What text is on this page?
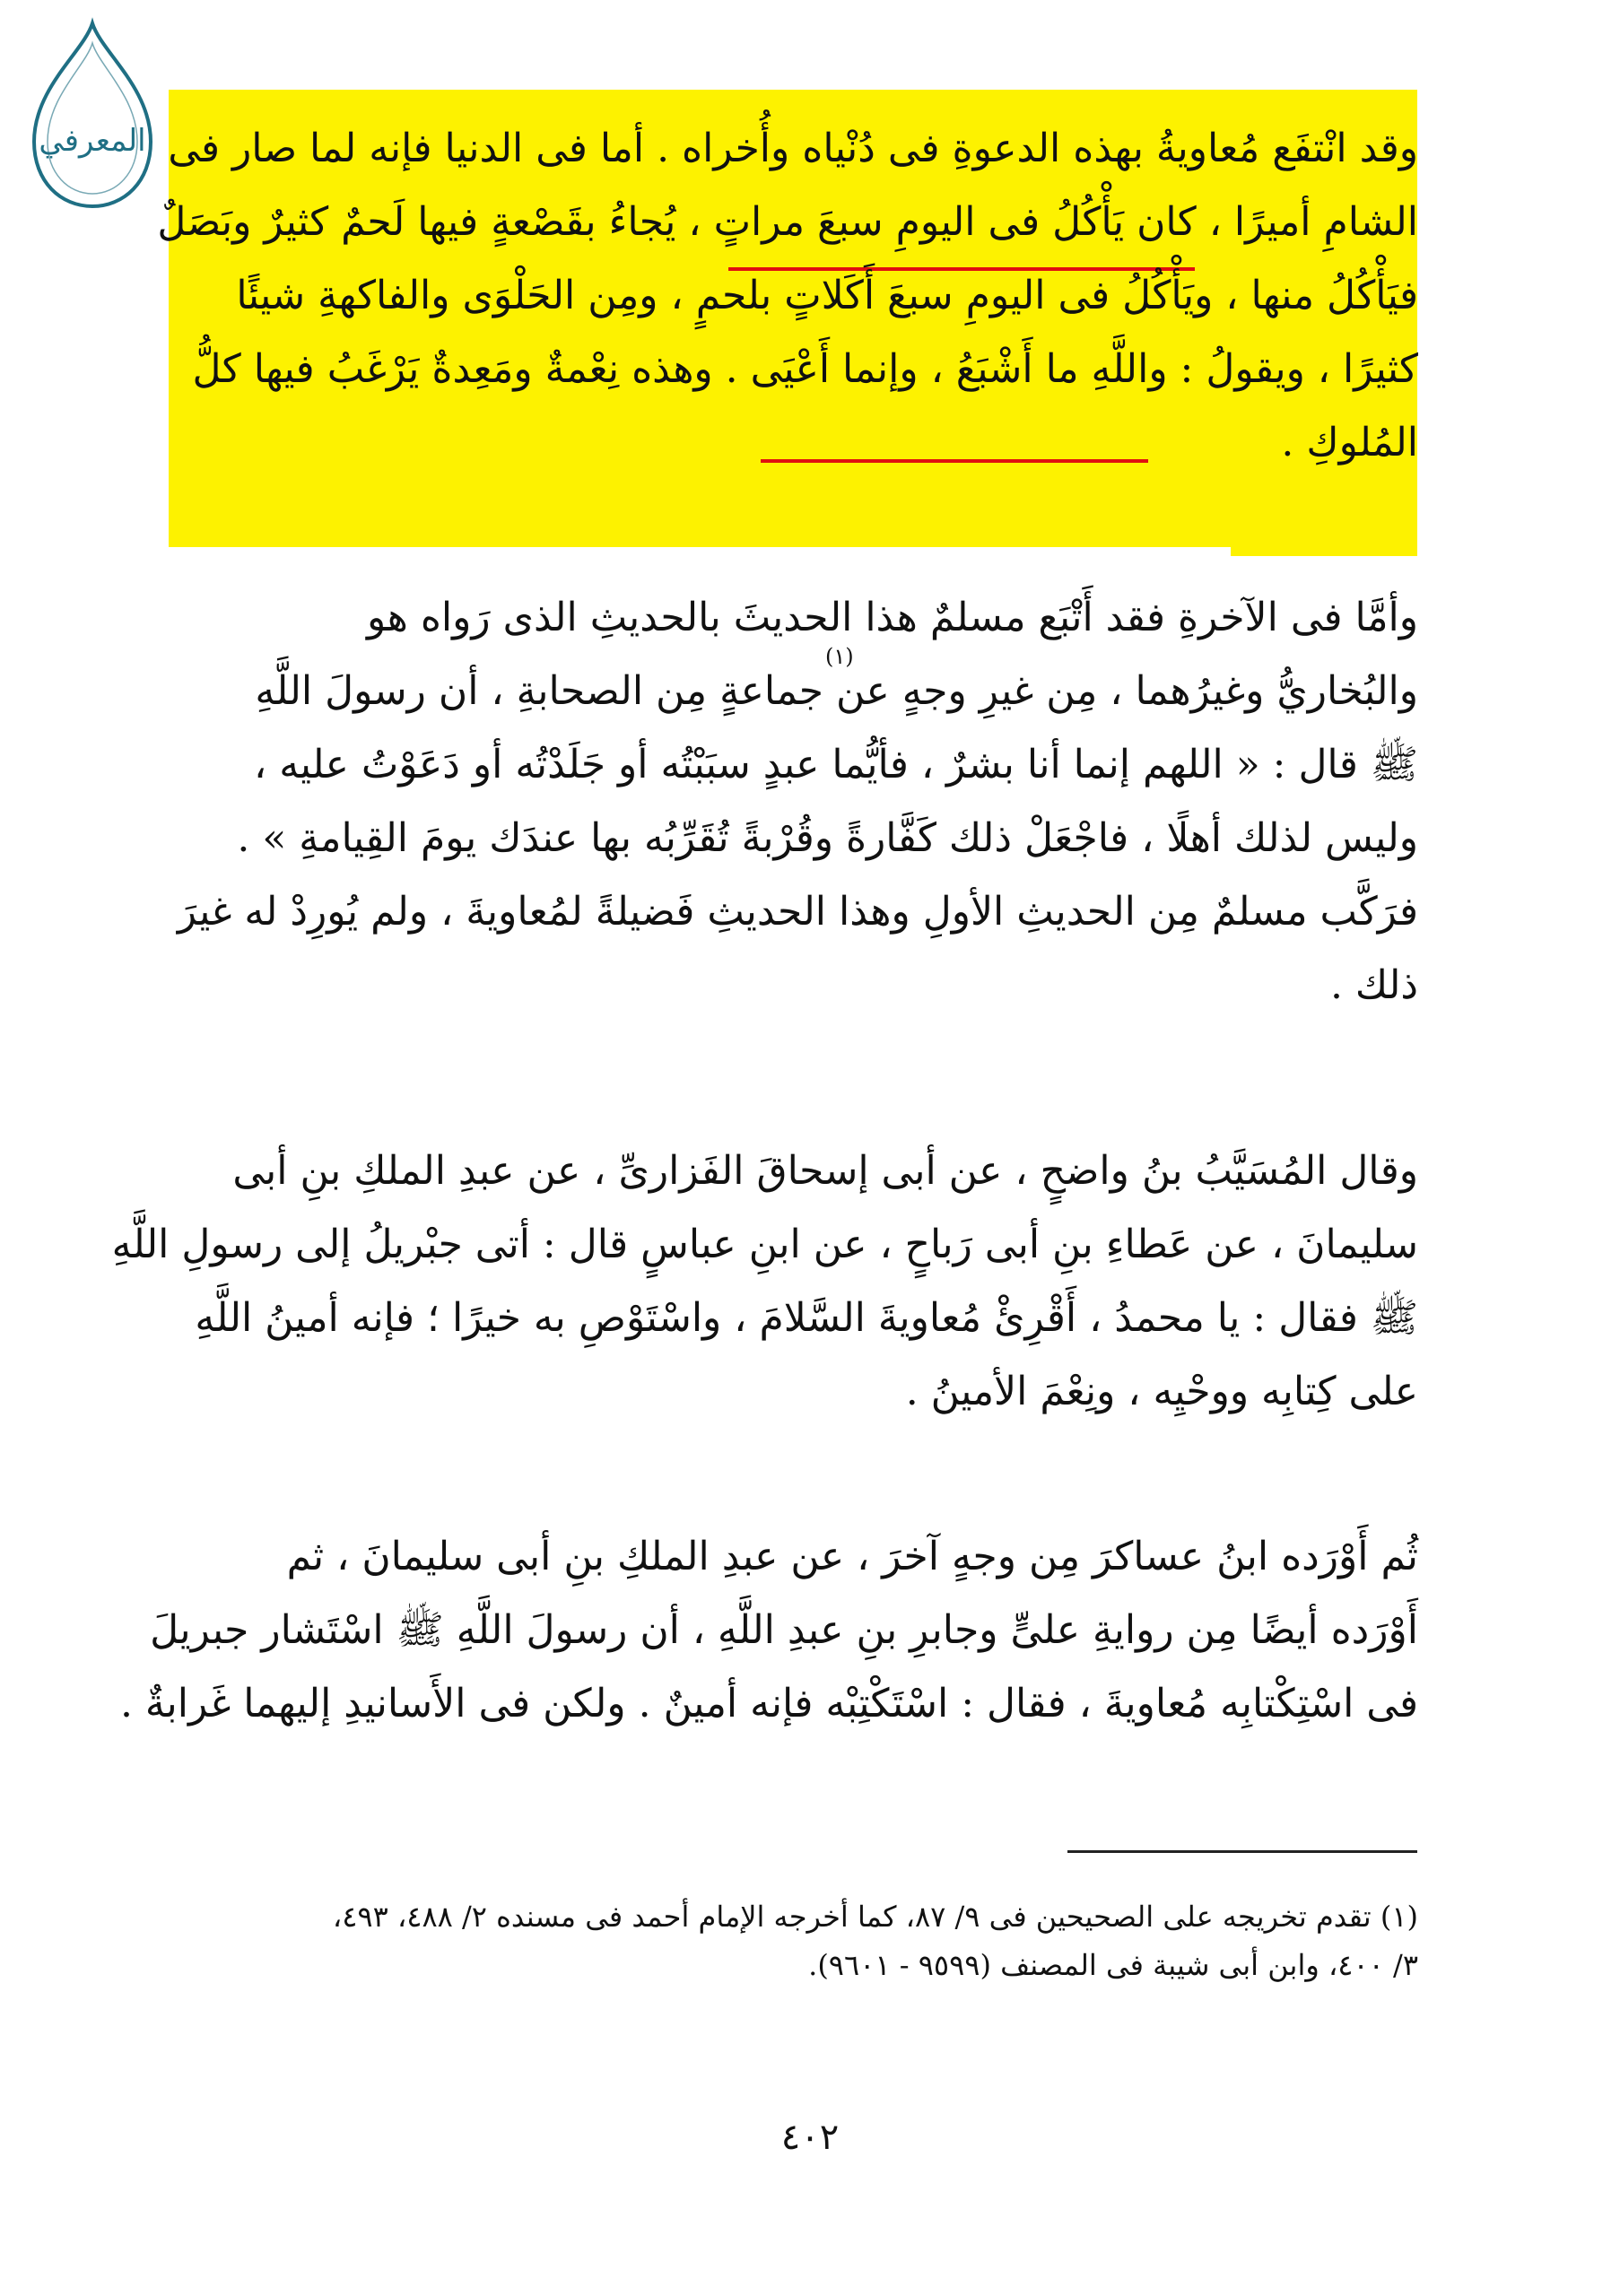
المعرفي وقد انْتفَع مُعاويةُ بهذه الدعوةِ فى دُنْياه وأُخراه . أما فى الدنيا فإنه لما صار فى
الشامِ أميرًا ، كان يَأْكُلُ فى اليومِ سبعَ مراتٍ ، يُجاءُ بقَصْعةٍ فيها لَحمٌ كثيرٌ وبَصَلٌ
فيَأْكُلُ منها ، ويَأْكُلُ فى اليومِ سبعَ أَكَلاتٍ بلحمٍ ، ومِن الحَلْوَى والفاكهةِ شيئًا
كثيرًا ، ويقولُ : واللَّهِ ما أَشْبَعُ ، وإنما أَعْيَى . وهذه نِعْمةٌ ومَعِدةٌ يَرْغَبُ فيها كلُّ
المُلوكِ .
وأمَّا فى الآخرةِ فقد أَتْبَع مسلمٌ هذا الحديثَ بالحديثِ الذى رَواه هو
والبُخاريُّ وغيرُهما ، مِن غيرِ وجهٍ عن جماعةٍ مِن الصحابةِ ، أن رسولَ اللَّهِ
ﷺ قال : « اللهم إنما أنا بشرٌ ، فأيُّما عبدٍ سبَبْتُه أو جَلَدْتُه أو دَعَوْتُ عليه ،
وليس لذلك أهلًا ، فاجْعَلْ ذلك كَفَّارةً وقُرْبةً تُقَرِّبُه بها عندَك يومَ القِيامةِ » .
فرَكَّب مسلمٌ مِن الحديثِ الأولِ وهذا الحديثِ فَضيلةً لمُعاويةَ ، ولم يُورِدْ له غيرَ
ذلك .
(١)
وقال المُسَيَّبُ بنُ واضحٍ ، عن أبى إسحاقَ الفَزارىِّ ، عن عبدِ الملكِ بنِ أبى
سليمانَ ، عن عَطاءِ بنِ أبى رَباحٍ ، عن ابنِ عباسٍ قال : أتى جبْريلُ إلى رسولِ اللَّهِ
ﷺ فقال : يا محمدُ ، أَقْرِئْ مُعاويةَ السَّلامَ ، واسْتَوْصِ به خيرًا ؛ فإنه أمينُ اللَّهِ
على كِتابِه ووحْيِه ، ونِعْمَ الأمينُ .
ثُم أَوْرَده ابنُ عساكرَ مِن وجهٍ آخرَ ، عن عبدِ الملكِ بنِ أبى سليمانَ ، ثم
أَوْرَده أيضًا مِن روايةِ علىٍّ وجابرِ بنِ عبدِ اللَّهِ ، أن رسولَ اللَّهِ ﷺ اسْتَشار جبريلَ
فى اسْتِكْتابِه مُعاويةَ ، فقال : اسْتَكْتِبْه فإنه أمينٌ . ولكن فى الأَسانيدِ إليهما غَرابةٌ .
(١) تقدم تخريجه على الصحيحين فى ٩/ ٨٧، كما أخرجه الإمام أحمد فى مسنده ٢/ ٤٨٨، ٤٩٣،
٣/ ٤٠٠، وابن أبى شيبة فى المصنف (٩٥٩٩ - ٩٦٠١).
٤٠٢
